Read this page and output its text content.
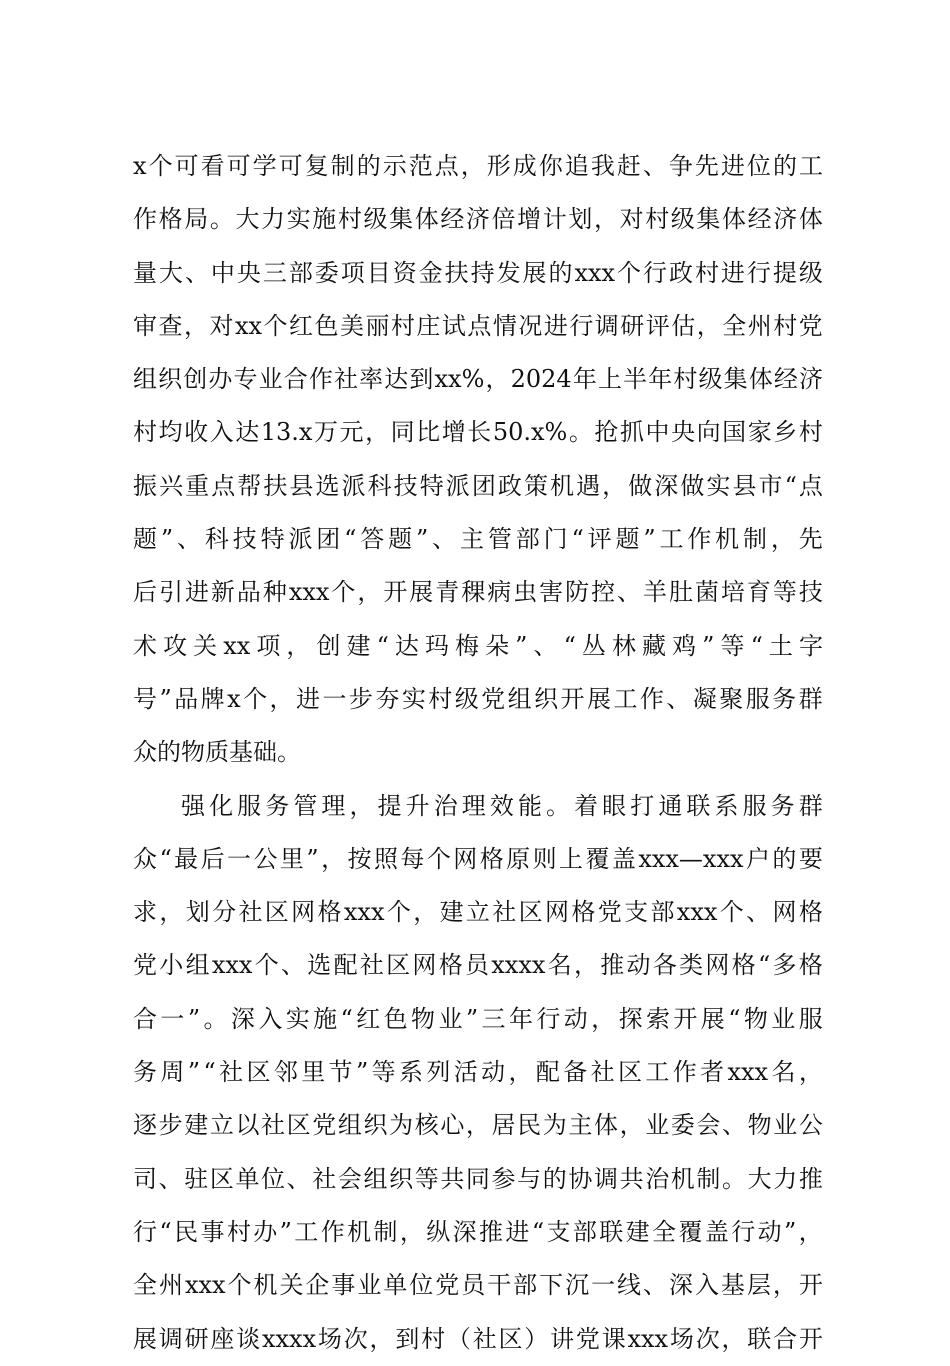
x 个 可 看 可 学 可 复 制 的 示 范 点 ， 形 成 你 追 我 赶 、 争 先 进 位 的 工
作 格 局 。 大 力 实 施 村 级 集 体 经 济 倍 增 计 划 ， 对 村 级 集 体 经 济 体
量 大 、 中 央 三 部 委 项 目 资 金 扶 持 发 展 的 xxx 个 行 政 村 进 行 提 级
审 查 ， 对 xx 个 红 色 美 丽 村 庄 试 点 情 况 进 行 调 研 评 估 ， 全 州 村 党
组 织 创 办 专 业 合 作 社 率 达 到 xx% ， 2024 年 上 半 年 村 级 集 体 经 济
村 均 收 入 达 13.x 万 元 ， 同 比 增 长 50.x% 。 抢 抓 中 央 向 国 家 乡 村
振 兴 重 点 帮 扶 县 选 派 科 技 特 派 团 政 策 机 遇 ， 做 深 做 实 县 市 “ 点
题 ” 、 科 技 特 派 团 “ 答 题 ” 、 主 管 部 门 “ 评 题 ” 工 作 机 制 ， 先
后 引 进 新 品 种 xxx 个 ， 开 展 青 稞 病 虫 害 防 控 、 羊 肚 菌 培 育 等 技
术 攻 关 xx 项 ， 创 建 “ 达 玛 梅 朵 ” 、 “ 丛 林 藏 鸡 ” 等 “ 土 字
号 ” 品 牌 x 个 ， 进 一 步 夯 实 村 级 党 组 织 开 展 工 作 、 凝 聚 服 务 群
众的物质基础。
强 化 服 务 管 理 ， 提 升 治 理 效 能 。 着 眼 打 通 联 系 服 务 群
众 “ 最 后 一 公 里 ” ， 按 照 每 个 网 格 原 则 上 覆 盖 xxx—xxx 户 的 要
求 ， 划 分 社 区 网 格 xxx 个 ， 建 立 社 区 网 格 党 支 部 xxx 个 、 网 格
党 小 组 xxx 个 、 选 配 社 区 网 格 员 xxxx 名 ， 推 动 各 类 网 格 “ 多 格
合 一 ” 。 深 入 实 施 “ 红 色 物 业 ” 三 年 行 动 ， 探 索 开 展 “ 物 业 服
务 周 ” “ 社 区 邻 里 节 ” 等 系 列 活 动 ， 配 备 社 区 工 作 者 xxx 名 ，
逐 步 建 立 以 社 区 党 组 织 为 核 心 ， 居 民 为 主 体 ， 业 委 会 、 物 业 公
司 、 驻 区 单 位 、 社 会 组 织 等 共 同 参 与 的 协 调 共 治 机 制 。 大 力 推
行 “ 民 事 村 办 ” 工 作 机 制 ， 纵 深 推 进 “ 支 部 联 建 全 覆 盖 行 动 ” ，
全 州 xxx 个 机 关 企 事 业 单 位 党 员 干 部 下 沉 一 线 、 深 入 基 层 ， 开
展 调 研 座 谈 xxxx 场 次 ， 到 村 （ 社 区 ） 讲 党 课 xxx 场 次 ， 联 合 开
